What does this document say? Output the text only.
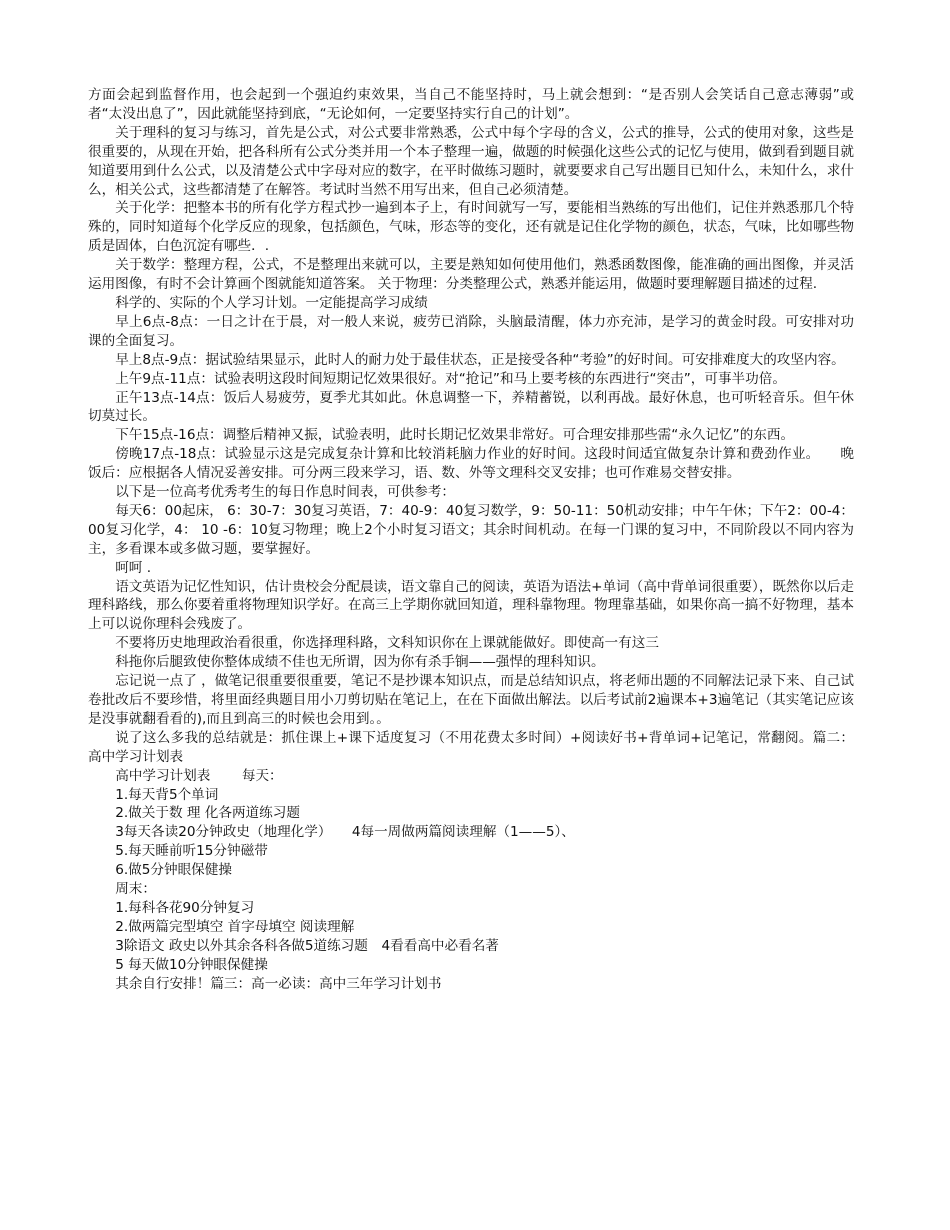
方面会起到监督作用，也会起到一个强迫约束效果，当自己不能坚持时，马上就会想到：“是否别人会笑话自己意志薄弱”或者“太没出息了”，因此就能坚持到底，“无论如何，一定要坚持实行自己的计划”。

关于理科的复习与练习，首先是公式，对公式要非常熟悉，公式中每个字母的含义，公式的推导，公式的使用对象，这些是很重要的，从现在开始，把各科所有公式分类并用一个本子整理一遍，做题的时候强化这些公式的记忆与使用，做到看到题目就知道要用到什么公式，以及清楚公式中字母对应的数字，在平时做练习题时，就要要求自己写出题目已知什么，未知什么，求什么，相关公式，这些都清楚了在解答。考试时当然不用写出来，但自己必须清楚。

关于化学：把整本书的所有化学方程式抄一遍到本子上，有时间就写一写，要能相当熟练的写出他们，记住并熟悉那几个特殊的，同时知道每个化学反应的现象，包括颜色，气味，形态等的变化，还有就是记住化学物的颜色，状态，气味，比如哪些物质是固体，白色沉淀有哪些．.

关于数学：整理方程，公式，不是整理出来就可以，主要是熟知如何使用他们，熟悉函数图像，能准确的画出图像，并灵活运用图像，有时不会计算画个图就能知道答案。 关于物理：分类整理公式，熟悉并能运用，做题时要理解题目描述的过程.

科学的、实际的个人学习计划。一定能提高学习成绩

早上6点-8点：一日之计在于晨，对一般人来说，疲劳已消除，头脑最清醒，体力亦充沛，是学习的黄金时段。可安排对功课的全面复习。

早上8点-9点：据试验结果显示，此时人的耐力处于最佳状态，正是接受各种“考验”的好时间。可安排难度大的攻坚内容。

上午9点-11点：试验表明这段时间短期记忆效果很好。对“抢记”和马上要考核的东西进行“突击”，可事半功倍。

正午13点-14点：饭后人易疲劳，夏季尤其如此。休息调整一下，养精蓄锐，以利再战。最好休息，也可听轻音乐。但午休切莫过长。

下午15点-16点：调整后精神又振，试验表明，此时长期记忆效果非常好。可合理安排那些需“永久记忆”的东西。

傍晚17点-18点：试验显示这是完成复杂计算和比较消耗脑力作业的好时间。这段时间适宜做复杂计算和费劲作业。　　晚饭后：应根据各人情况妥善安排。可分两三段来学习，语、数、外等文理科交叉安排；也可作难易交替安排。

以下是一位高考优秀考生的每日作息时间表，可供参考：

每天6：00起床， 6：30-7：30复习英语，7：40-9：40复习数学，9：50-11：50机动安排；中午午休；下午2：00-4：00复习化学，4： 10 -6：10复习物理；晚上2个小时复习语文；其余时间机动。在每一门课的复习中，不同阶段以不同内容为主，多看课本或多做习题，要掌握好。

呵呵 .

语文英语为记忆性知识，估计贵校会分配晨读，语文靠自己的阅读，英语为语法+单词（高中背单词很重要），既然你以后走理科路线，那么你要着重将物理知识学好。在高三上学期你就回知道，理科靠物理。物理靠基础，如果你高一搞不好物理，基本上可以说你理科会残废了。

不要将历史地理政治看很重，你选择理科路，文科知识你在上课就能做好。即使高一有这三

科拖你后腿致使你整体成绩不佳也无所谓，因为你有杀手锏——强悍的理科知识。

忘记说一点了 ，做笔记很重要很重要，笔记不是抄课本知识点，而是总结知识点，将老师出题的不同解法记录下来、自己试卷批改后不要珍惜，将里面经典题目用小刀剪切贴在笔记上，在在下面做出解法。以后考试前2遍课本+3遍笔记（其实笔记应该是没事就翻看看的),而且到高三的时候也会用到。。

说了这么多我的总结就是：抓住课上+课下适度复习（不用花费太多时间）+阅读好书+背单词+记笔记，常翻阅。篇二：高中学习计划表

高中学习计划表　　 每天：

1.每天背5个单词

2.做关于数 理 化各两道练习题

3每天各读20分钟政史（地理化学）　　4每一周做两篇阅读理解（1——5）、

5.每天睡前听15分钟磁带

6.做5分钟眼保健操

周末：

1.每科各花90分钟复习

2.做两篇完型填空 首字母填空 阅读理解

3除语文 政史以外其余各科各做5道练习题　4看看高中必看名著

5 每天做10分钟眼保健操

其余自行安排！篇三：高一必读：高中三年学习计划书
